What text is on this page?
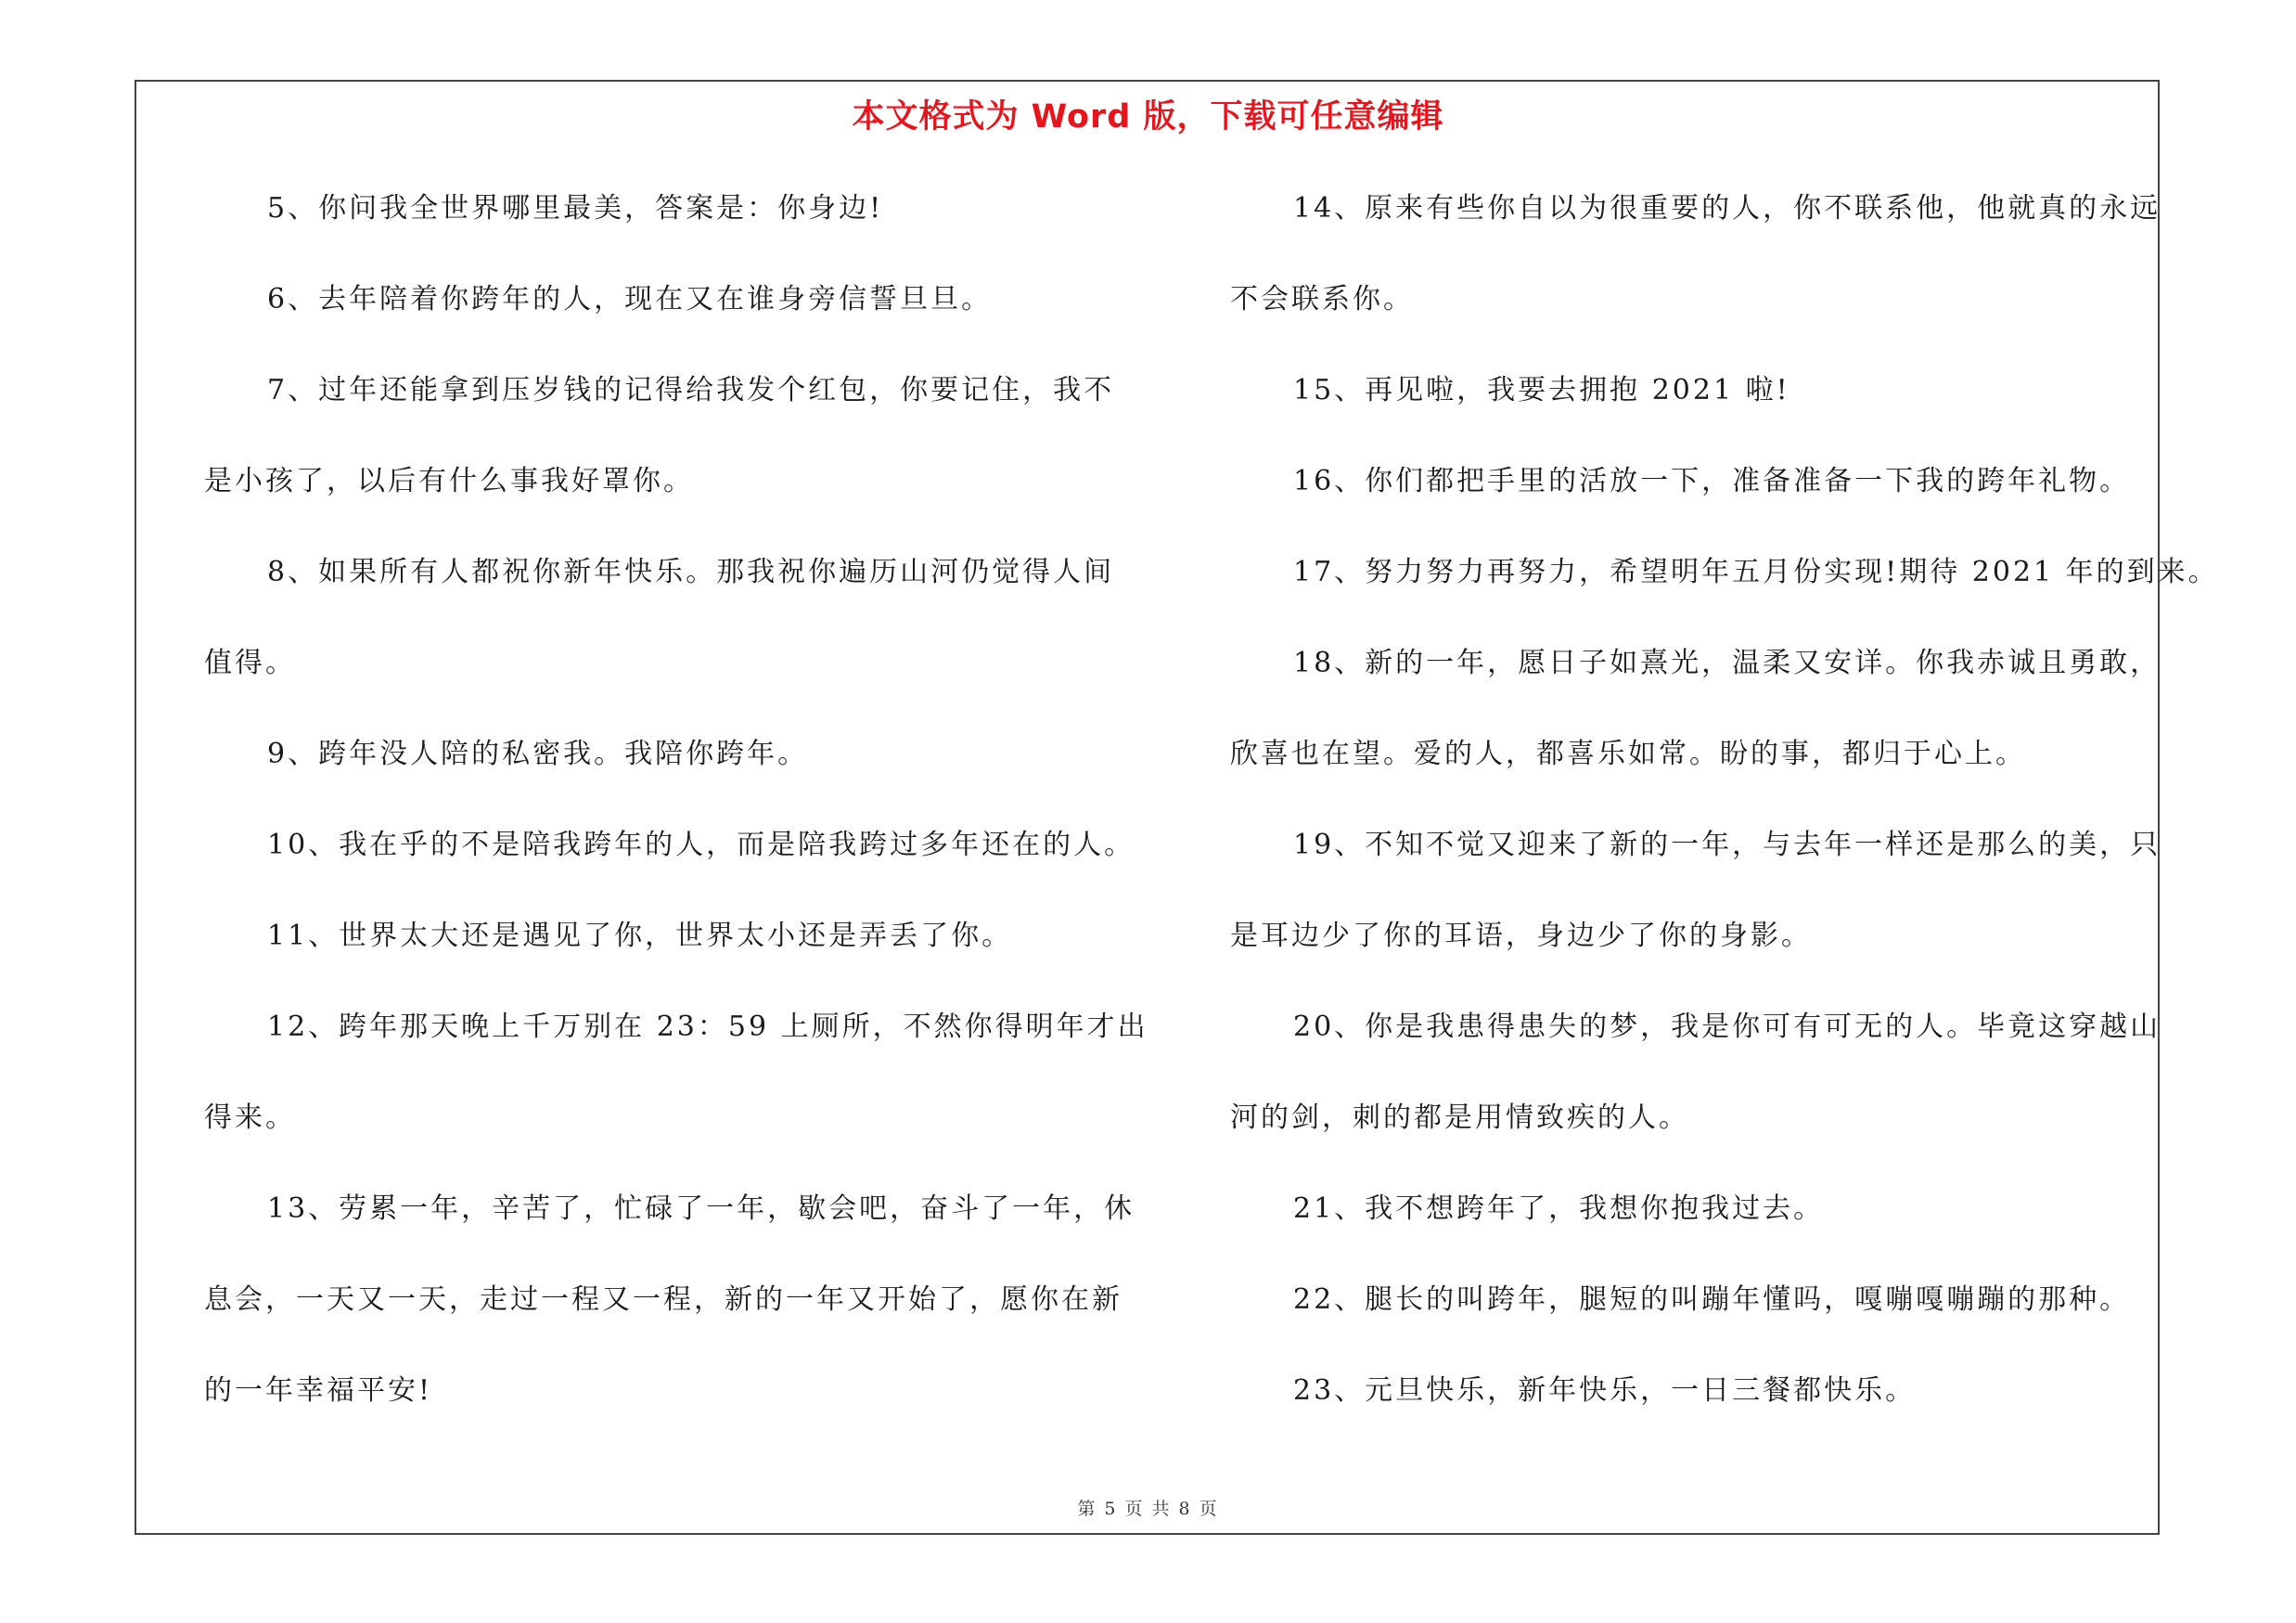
本文格式为 Word 版，下载可任意编辑

5、你问我全世界哪里最美，答案是：你身边!

6、去年陪着你跨年的人，现在又在谁身旁信誓旦旦。

7、过年还能拿到压岁钱的记得给我发个红包，你要记住，我不

是小孩了，以后有什么事我好罩你。

8、如果所有人都祝你新年快乐。那我祝你遍历山河仍觉得人间

值得。

9、跨年没人陪的私密我。我陪你跨年。

10、我在乎的不是陪我跨年的人，而是陪我跨过多年还在的人。

11、世界太大还是遇见了你，世界太小还是弄丢了你。

12、跨年那天晚上千万别在 23：59 上厕所，不然你得明年才出

得来。

13、劳累一年，辛苦了，忙碌了一年，歇会吧，奋斗了一年，休

息会，一天又一天，走过一程又一程，新的一年又开始了，愿你在新

的一年幸福平安!

14、原来有些你自以为很重要的人，你不联系他，他就真的永远

不会联系你。

15、再见啦，我要去拥抱 2021 啦!

16、你们都把手里的活放一下，准备准备一下我的跨年礼物。

17、努力努力再努力，希望明年五月份实现!期待 2021 年的到来。

18、新的一年，愿日子如熹光，温柔又安详。你我赤诚且勇敢，

欣喜也在望。爱的人，都喜乐如常。盼的事，都归于心上。

19、不知不觉又迎来了新的一年，与去年一样还是那么的美，只

是耳边少了你的耳语，身边少了你的身影。

20、你是我患得患失的梦，我是你可有可无的人。毕竟这穿越山

河的剑，刺的都是用情致疾的人。

21、我不想跨年了，我想你抱我过去。

22、腿长的叫跨年，腿短的叫蹦年懂吗，嘎嘣嘎嘣蹦的那种。

23、元旦快乐，新年快乐，一日三餐都快乐。

第 5 页 共 8 页
